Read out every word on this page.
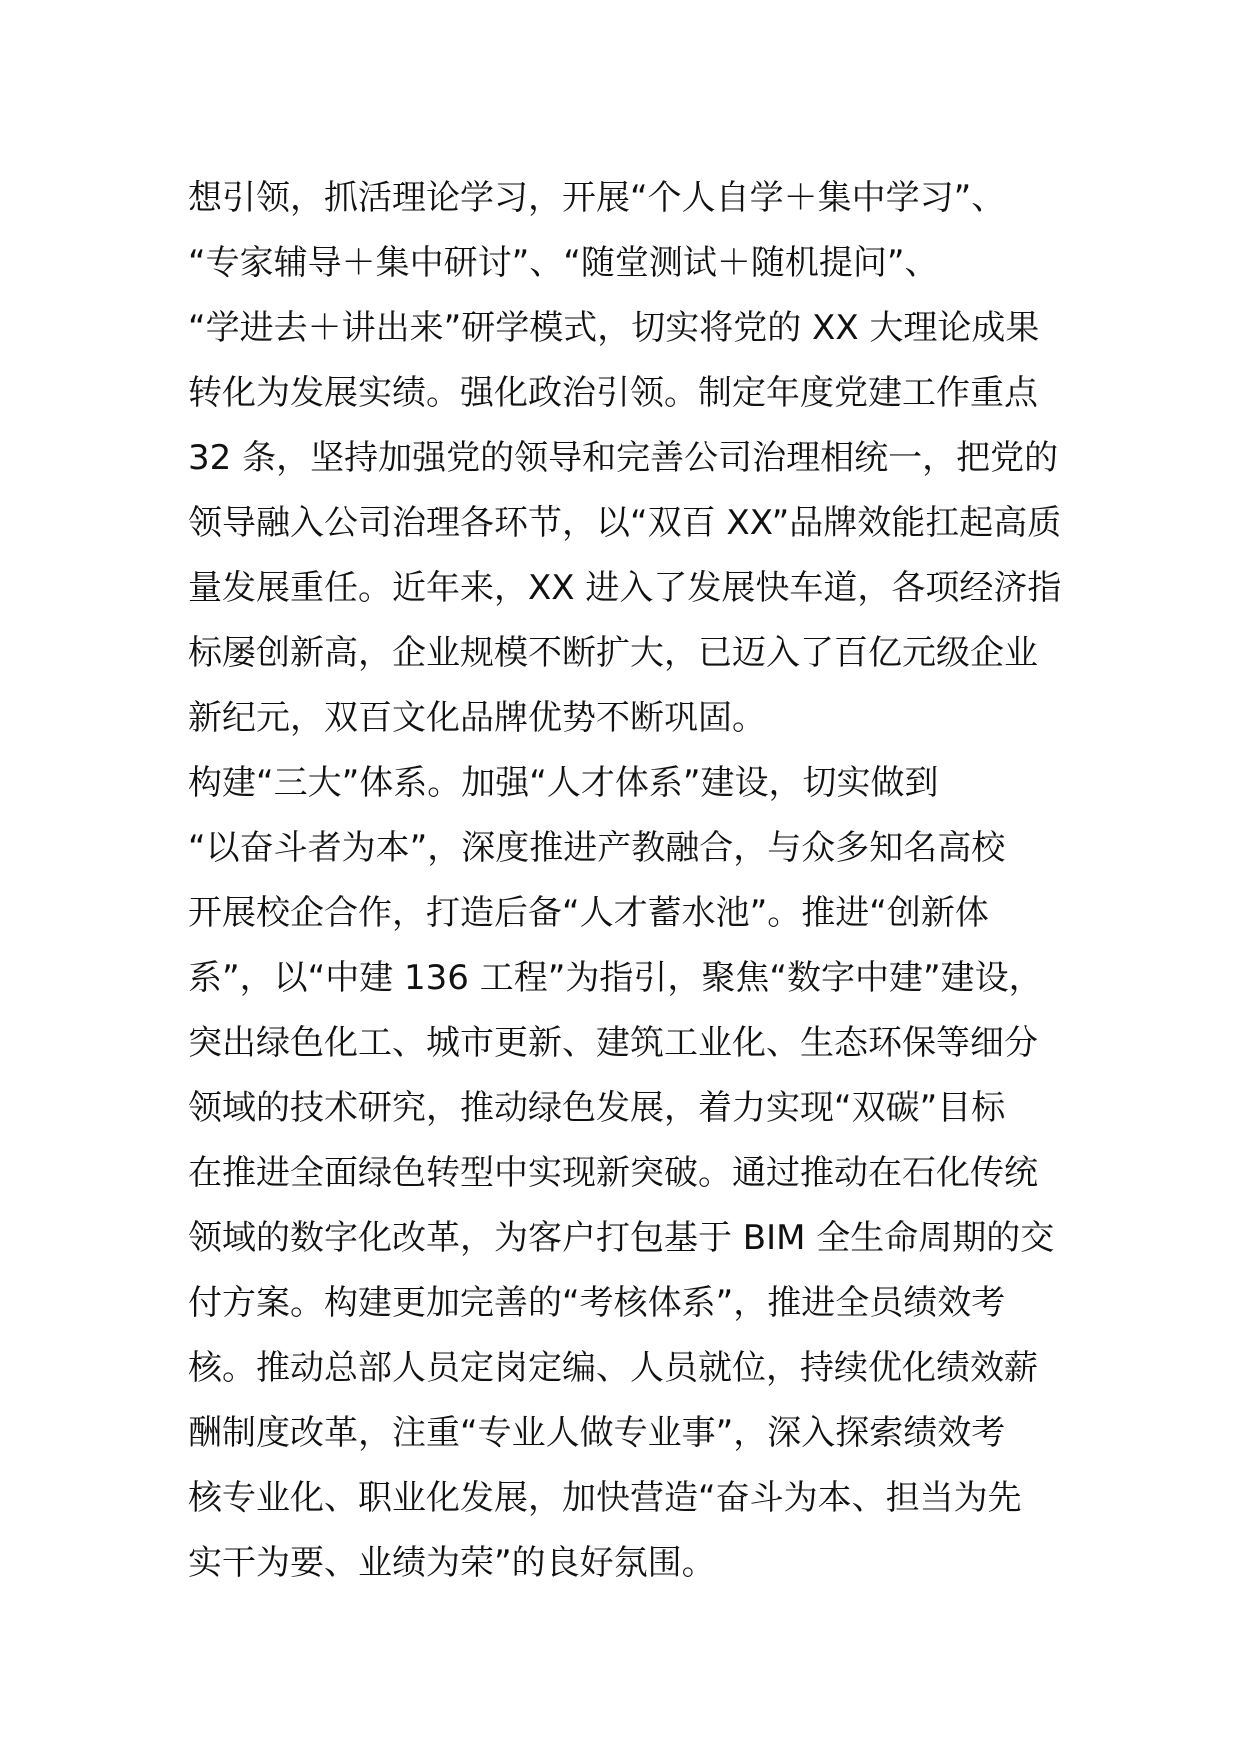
想引领，抓活理论学习，开展“个人自学＋集中学习”、
“专家辅导＋集中研讨”、“随堂测试＋随机提问”、
“学进去＋讲出来”研学模式，切实将党的 XX 大理论成果
转化为发展实绩。强化政治引领。制定年度党建工作重点
32 条，坚持加强党的领导和完善公司治理相统一，把党的
领导融入公司治理各环节，以“双百 XX”品牌效能扛起高质
量发展重任。近年来，XX 进入了发展快车道，各项经济指
标屡创新高，企业规模不断扩大，已迈入了百亿元级企业
新纪元，双百文化品牌优势不断巩固。
构建“三大”体系。加强“人才体系”建设，切实做到
“以奋斗者为本”，深度推进产教融合，与众多知名高校
开展校企合作，打造后备“人才蓄水池”。推进“创新体
系”，以“中建 136 工程”为指引，聚焦“数字中建”建设，
突出绿色化工、城市更新、建筑工业化、生态环保等细分
领域的技术研究，推动绿色发展，着力实现“双碳”目标
在推进全面绿色转型中实现新突破。通过推动在石化传统
领域的数字化改革，为客户打包基于 BIM 全生命周期的交
付方案。构建更加完善的“考核体系”，推进全员绩效考
核。推动总部人员定岗定编、人员就位，持续优化绩效薪
酬制度改革，注重“专业人做专业事”，深入探索绩效考
核专业化、职业化发展，加快营造“奋斗为本、担当为先
实干为要、业绩为荣”的良好氛围。
